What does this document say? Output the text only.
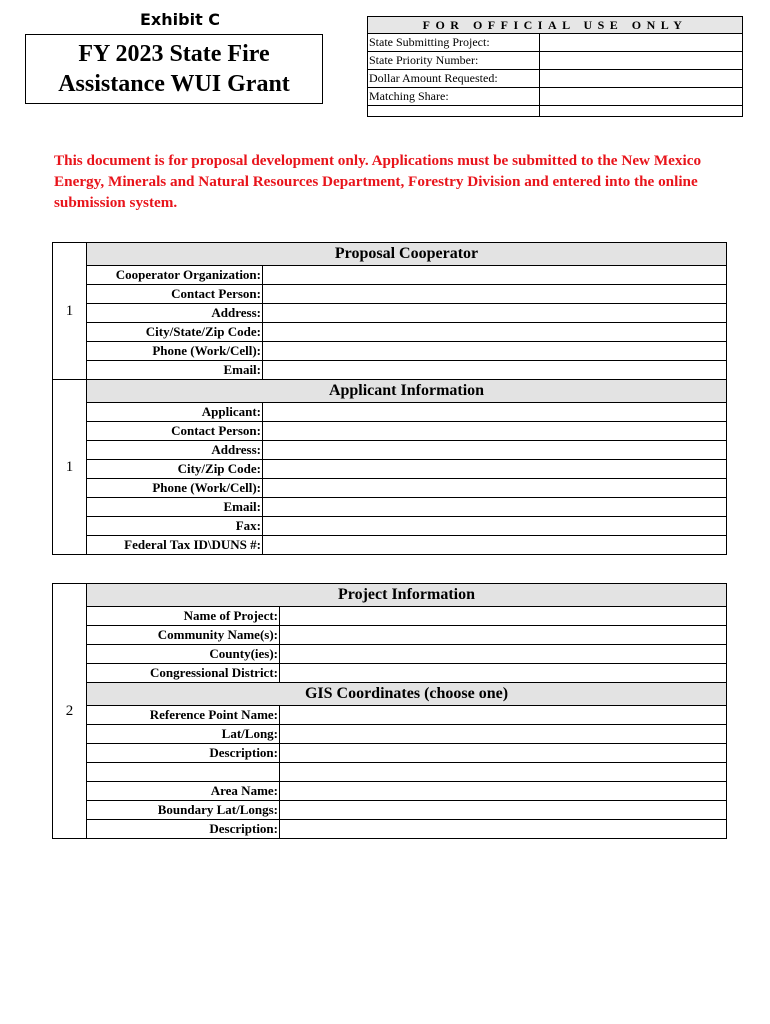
Exhibit C
FY 2023 State Fire
Assistance WUI Grant
FOR OFFICIAL USE ONLY
State Submitting Project:
State Priority Number:
Dollar Amount Requested:
Matching Share:
This document is for proposal development only. Applications must be submitted to the New Mexico Energy, Minerals and Natural Resources Department, Forestry Division and entered into the online submission system.
1	Proposal Cooperator	
	Cooperator Organization:	
	Contact Person:	
	Address:	
	City/State/Zip Code:	
	Phone (Work/Cell):	
	Email:	
1	Applicant Information	
	Applicant:	
	Contact Person:	
	Address:	
	City/Zip Code:	
	Phone (Work/Cell):	
	Email:	
	Fax:	
	Federal Tax ID\DUNS #:	
2	Project Information	
	Name of Project:	
	Community Name(s):	
	County(ies):	
	Congressional District:	
	GIS Coordinates (choose one)	
	Reference Point Name:	
	Lat/Long:	
	Description:	

	Area Name:	
	Boundary Lat/Longs:	
	Description:	
